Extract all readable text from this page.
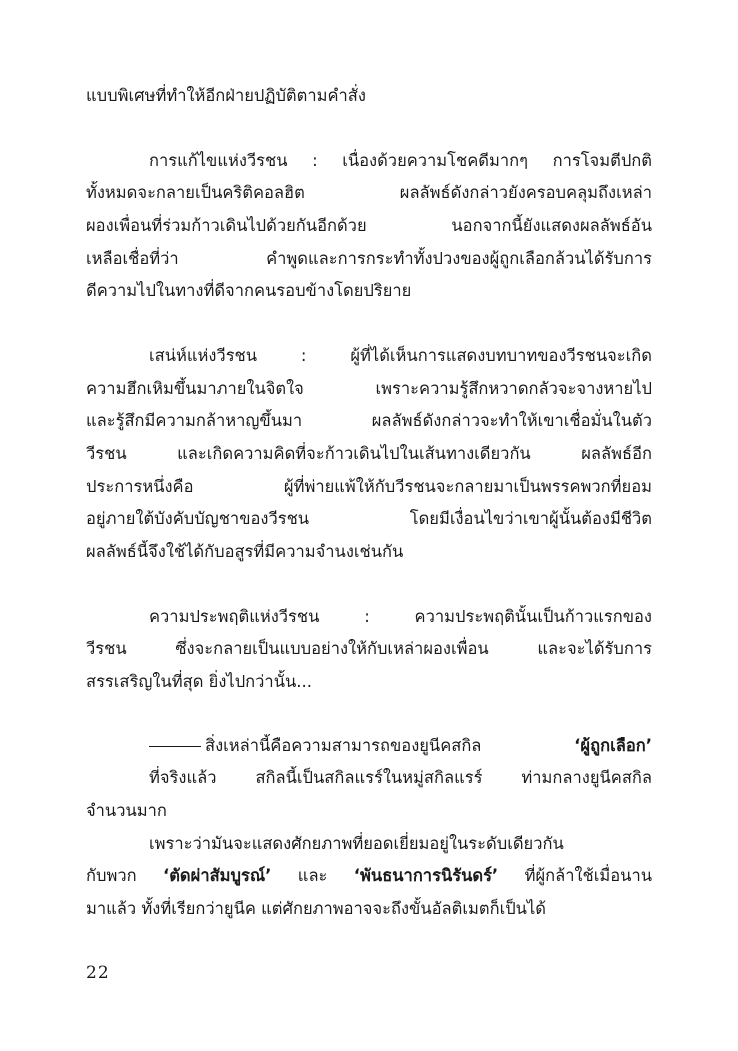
แบบพิเศษที่ทำให้อีกฝ่ายปฏิบัติตามคำสั่ง
การแก้ไขแห่งวีรชน : เนื่องด้วยความโชคดีมากๆ การโจมตีปกติ
ทั้งหมดจะกลายเป็นคริติคอลฮิต ผลลัพธ์ดังกล่าวยังครอบคลุมถึงเหล่า
ผองเพื่อนที่ร่วมก้าวเดินไปด้วยกันอีกด้วย นอกจากนี้ยังแสดงผลลัพธ์อัน
เหลือเชื่อที่ว่า คำพูดและการกระทำทั้งปวงของผู้ถูกเลือกล้วนได้รับการ
ดีความไปในทางที่ดีจากคนรอบข้างโดยปริยาย
เสน่ห์แห่งวีรชน : ผู้ที่ได้เห็นการแสดงบทบาทของวีรชนจะเกิด
ความฮึกเหิมขึ้นมาภายในจิตใจ เพราะความรู้สึกหวาดกลัวจะจางหายไป
และรู้สึกมีความกล้าหาญขึ้นมา ผลลัพธ์ดังกล่าวจะทำให้เขาเชื่อมั่นในตัว
วีรชน และเกิดความคิดที่จะก้าวเดินไปในเส้นทางเดียวกัน ผลลัพธ์อีก
ประการหนึ่งคือ ผู้ที่พ่ายแพ้ให้กับวีรชนจะกลายมาเป็นพรรคพวกที่ยอม
อยู่ภายใต้บังคับบัญชาของวีรชน โดยมีเงื่อนไขว่าเขาผู้นั้นต้องมีชีวิต
ผลลัพธ์นี้จึงใช้ได้กับอสูรที่มีความจำนงเช่นกัน
ความประพฤติแห่งวีรชน : ความประพฤตินั้นเป็นก้าวแรกของ
วีรชน ซึ่งจะกลายเป็นแบบอย่างให้กับเหล่าผองเพื่อน และจะได้รับการ
สรรเสริญในที่สุด ยิ่งไปกว่านั้น...
สิ่งเหล่านี้คือความสามารถของยูนีคสกิล ‘ผู้ถูกเลือก’
ที่จริงแล้ว สกิลนี้เป็นสกิลแรร์ในหมู่สกิลแรร์ ท่ามกลางยูนีคสกิล
จำนวนมาก
เพราะว่ามันจะแสดงศักยภาพที่ยอดเยี่ยมอยู่ในระดับเดียวกัน
กับพวก ‘ตัดผ่าสัมบูรณ์’ และ ‘พันธนาการนิรันดร์’ ที่ผู้กล้าใช้เมื่อนาน
มาแล้ว ทั้งที่เรียกว่ายูนีค แต่ศักยภาพอาจจะถึงขั้นอัลติเมตก็เป็นได้
22
